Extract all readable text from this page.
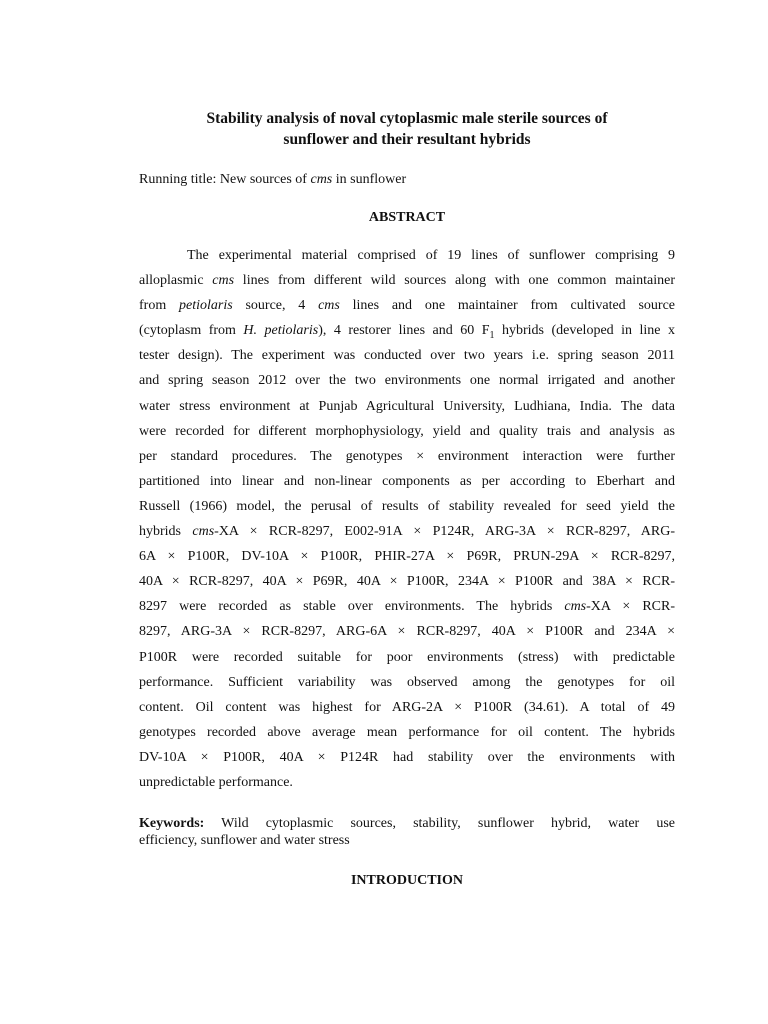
Stability analysis of noval cytoplasmic male sterile sources of
sunflower and their resultant hybrids
Running title: New sources of cms in sunflower
ABSTRACT
The experimental material comprised of 19 lines of sunflower comprising 9
alloplasmic cms lines from different wild sources along with one common maintainer
from petiolaris source, 4 cms lines and one maintainer from cultivated source
(cytoplasm from H. petiolaris), 4 restorer lines and 60 $F_1$ hybrids (developed in line x
tester design). The experiment was conducted over two years i.e. spring season 2011
and spring season 2012 over the two environments one normal irrigated and another
water stress environment at Punjab Agricultural University, Ludhiana, India. The data
were recorded for different morphophysiology, yield and quality trais and analysis as
per standard procedures. The genotypes × environment interaction were further
partitioned into linear and non-linear components as per according to Eberhart and
Russell (1966) model, the perusal of results of stability revealed for seed yield the
hybrids cms-XA × RCR-8297, E002-91A × P124R, ARG-3A × RCR-8297, ARG-
6A × P100R, DV-10A × P100R, PHIR-27A × P69R, PRUN-29A × RCR-8297,
40A × RCR-8297, 40A × P69R, 40A × P100R, 234A × P100R and 38A × RCR-
8297 were recorded as stable over environments. The hybrids cms-XA × RCR-
8297, ARG-3A × RCR-8297, ARG-6A × RCR-8297, 40A × P100R and 234A ×
P100R were recorded suitable for poor environments (stress) with predictable
performance. Sufficient variability was observed among the genotypes for oil
content. Oil content was highest for ARG-2A × P100R (34.61). A total of 49
genotypes recorded above average mean performance for oil content. The hybrids
DV-10A × P100R, 40A × P124R had stability over the environments with
unpredictable performance.
Keywords: Wild cytoplasmic sources, stability, sunflower hybrid, water use
efficiency, sunflower and water stress
INTRODUCTION
